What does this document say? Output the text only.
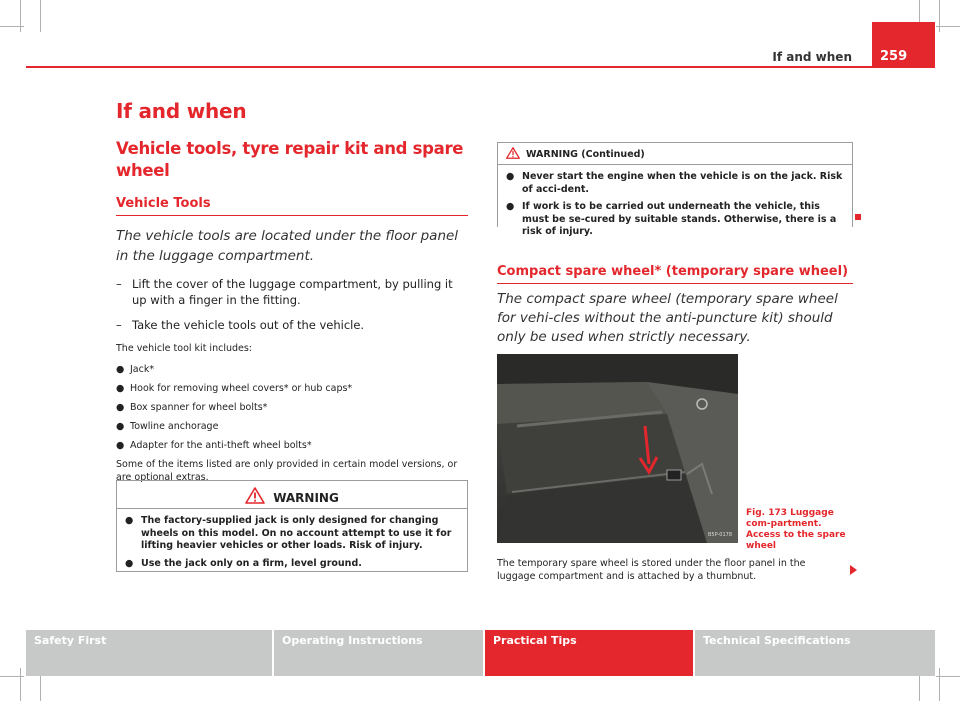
If and when	259
If and when
Vehicle tools, tyre repair kit and spare wheel
Vehicle Tools

The vehicle tools are located under the floor panel in the luggage compartment.

– Lift the cover of the luggage compartment, by pulling it up with a finger in the fitting.
– Take the vehicle tools out of the vehicle.

The vehicle tool kit includes:

● Jack*
● Hook for removing wheel covers* or hub caps*
● Box spanner for wheel bolts*
● Towline anchorage
● Adapter for the anti-theft wheel bolts*

Some of the items listed are only provided in certain model versions, or are optional extras.

WARNING

● The factory-supplied jack is only designed for changing wheels on this model. On no account attempt to use it for lifting heavier vehicles or other loads. Risk of injury.

● Use the jack only on a firm, level ground.

WARNING (Continued)

● Never start the engine when the vehicle is on the jack. Risk of acci-dent.

● If work is to be carried out underneath the vehicle, this must be se-cured by suitable stands. Otherwise, there is a risk of injury.

Compact spare wheel* (temporary spare wheel)

The compact spare wheel (temporary spare wheel for vehi-cles without the anti-puncture kit) should only be used when strictly necessary.

B5P-0178
Fig. 173 Luggage com-partment. Access to the spare wheel

The temporary spare wheel is stored under the floor panel in the luggage compartment and is attached by a thumbnut.

Safety First	Operating Instructions	Practical Tips	Technical Specifications
